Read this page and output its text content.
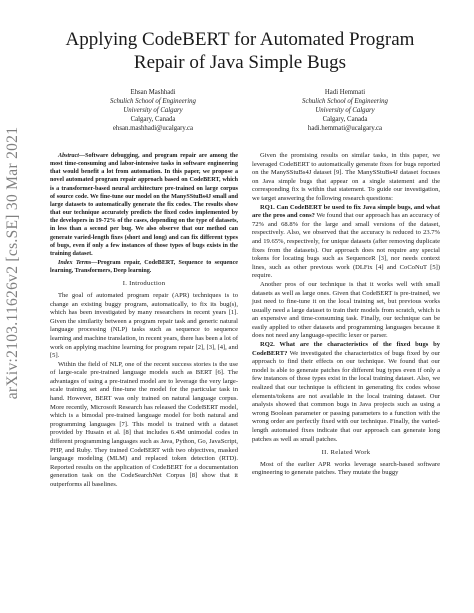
arXiv:2103.11626v2 [cs.SE] 30 Mar 2021
Applying CodeBERT for Automated Program
Repair of Java Simple Bugs
Ehsan Mashhadi
Schulich School of Engineering
University of Calgary
Calgary, Canada
ehsan.mashhadi@ucalgary.ca
Hadi Hemmati
Schulich School of Engineering
University of Calgary
Calgary, Canada
hadi.hemmati@ucalgary.ca

Abstract—Software debugging, and program repair are among the most time-consuming and labor-intensive tasks in software engineering that would benefit a lot from automation. In this paper, we propose a novel automated program repair approach based on CodeBERT, which is a transformer-based neural architecture pre-trained on large corpus of source code. We fine-tune our model on the ManySStuBs4J small and large datasets to automatically generate the fix codes. The results show that our technique accurately predicts the fixed codes implemented by the developers in 19-72% of the cases, depending on the type of datasets, in less than a second per bug. We also observe that our method can generate varied-length fixes (short and long) and can fix different types of bugs, even if only a few instances of those types of bugs exists in the training dataset.

Index Terms—Program repair, CodeBERT, Sequence to sequence learning, Transformers, Deep learning.

I. Introduction

The goal of automated program repair (APR) techniques is to change an existing buggy program, automatically, to fix its bug(s), which has been investigated by many researchers in recent years [1]. Given the similarity between a program repair task and generic natural language processing (NLP) tasks such as sequence to sequence learning and machine translation, in recent years, there has been a lot of work on applying machine learning for program repair [2], [3], [4], and [5].

Within the field of NLP, one of the recent success stories is the use of large-scale pre-trained language models such as BERT [6]. The advantages of using a pre-trained model are to leverage the very large-scale training set and fine-tune the model for the particular task in hand. However, BERT was only trained on natural language corpus. More recently, Microsoft Research has released the CodeBERT model, which is a bimodal pre-trained language model for both natural and programming languages [7]. This model is trained with a dataset provided by Husain et al. [8] that includes 6.4M unimodal codes in different programming languages such as Java, Python, Go, JavaScript, PHP, and Ruby. They trained CodeBERT with two objectives, masked language modeling (MLM) and replaced token detection (RTD). Reported results on the application of CodeBERT for a documentation generation task on the CodeSearchNet Corpus [8] show that it outperforms all baselines.

Given the promising results on similar tasks, in this paper, we leveraged CodeBERT to automatically generate fixes for bugs reported on the ManySStuBs4J dataset [9]. The ManySStuBs4J dataset focuses on Java simple bugs that appear on a single statement and the corresponding fix is within that statement. To guide our investigation, we target answering the following research questions:

RQ1. Can CodeBERT be used to fix Java simple bugs, and what are the pros and cons? We found that our approach has an accuracy of 72% and 68.8% for the large and small versions of the dataset, respectively. Also, we observed that the accuracy is reduced to 23.7% and 19.65%, respectively, for unique datasets (after removing duplicate fixes from the datasets). Our approach does not require any special tokens for locating bugs such as SequenceR [3], nor needs context lines, such as other previous work (DLFix [4] and CoCoNuT [5]) require.

Another pros of our technique is that it works well with small datasets as well as large ones. Given that CodeBERT is pre-trained, we just need to fine-tune it on the local training set, but previous works usually need a large dataset to train their models from scratch, which is an expensive and time-consuming task. Finally, our technique can be easily applied to other datasets and programming languages because it does not need any language-specific lexer or parser.

RQ2. What are the characteristics of the fixed bugs by CodeBERT? We investigated the characteristics of bugs fixed by our approach to find their effects on our technique. We found that our model is able to generate patches for different bug types even if only a few instances of those types exist in the local training dataset. Also, we realized that our technique is efficient in generating fix codes whose elements/tokens are not available in the local training dataset. Our analysis showed that common bugs in Java projects such as using a wrong Boolean parameter or passing parameters to a function with the wrong order are perfectly fixed with our technique. Finally, the varied-length automated fixes indicate that our approach can generate long patches as well as small patches.

II. Related Work

Most of the earlier APR works leverage search-based software engineering to generate patches. They mutate the buggy
